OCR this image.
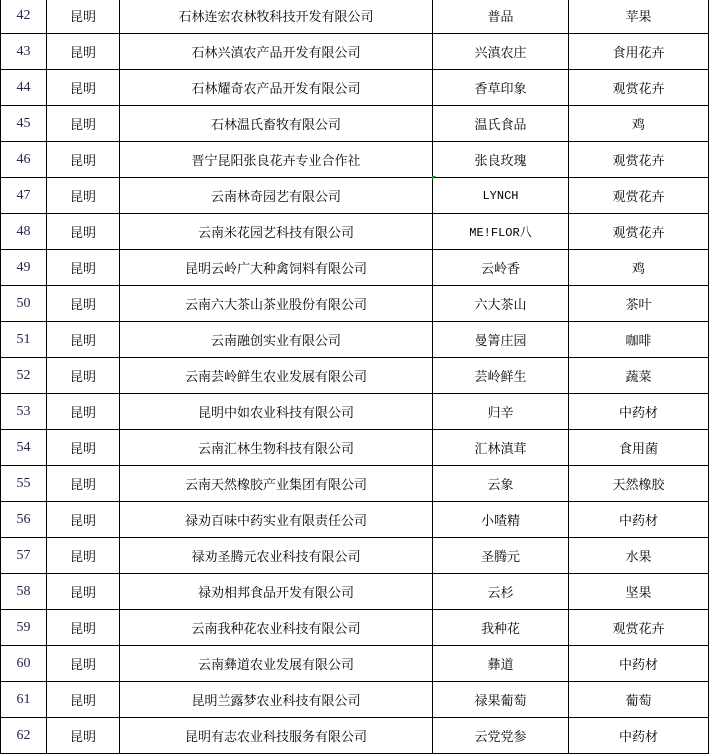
42	昆明	石林连宏农林牧科技开发有限公司	普品	苹果
43	昆明	石林兴滇农产品开发有限公司	兴滇农庄	食用花卉
44	昆明	石林耀奇农产品开发有限公司	香草印象	观赏花卉
45	昆明	石林温氏畜牧有限公司	温氏食品	鸡
46	昆明	晋宁昆阳张良花卉专业合作社	张良玫瑰	观赏花卉
47	昆明	云南林奇园艺有限公司	LYNCH	观赏花卉
48	昆明	云南米花园艺科技有限公司	ME!FLOR八	观赏花卉
49	昆明	昆明云岭广大种禽饲料有限公司	云岭香	鸡
50	昆明	云南六大茶山茶业股份有限公司	六大茶山	茶叶
51	昆明	云南融创实业有限公司	曼箐庄园	咖啡
52	昆明	云南芸岭鲜生农业发展有限公司	芸岭鲜生	蔬菜
53	昆明	昆明中如农业科技有限公司	归辛	中药材
54	昆明	云南汇林生物科技有限公司	汇林滇茸	食用菌
55	昆明	云南天然橡胶产业集团有限公司	云象	天然橡胶
56	昆明	禄劝百味中药实业有限责任公司	小喳精	中药材
57	昆明	禄劝圣腾元农业科技有限公司	圣腾元	水果
58	昆明	禄劝相邦食品开发有限公司	云杉	坚果
59	昆明	云南我种花农业科技有限公司	我种花	观赏花卉
60	昆明	云南彝道农业发展有限公司	彝道	中药材
61	昆明	昆明兰露梦农业科技有限公司	禄果葡萄	葡萄
62	昆明	昆明有志农业科技服务有限公司	云党党参	中药材
